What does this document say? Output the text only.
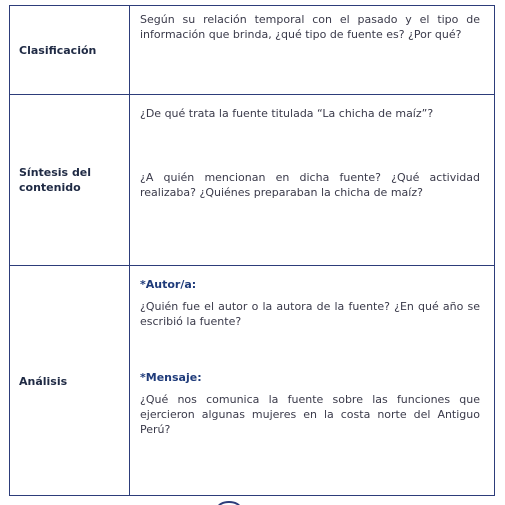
Clasificación

Según su relación temporal con el pasado y el tipo de información que brinda, ¿qué tipo de fuente es? ¿Por qué?

Síntesis del contenido

¿De qué trata la fuente titulada “La chicha de maíz”?

¿A quién mencionan en dicha fuente? ¿Qué actividad realizaba? ¿Quiénes preparaban la chicha de maíz?

Análisis

*Autor/a:

¿Quién fue el autor o la autora de la fuente? ¿En qué año se escribió la fuente?

*Mensaje:

¿Qué nos comunica la fuente sobre las funciones que ejercieron algunas mujeres en la costa norte del Antiguo Perú?
